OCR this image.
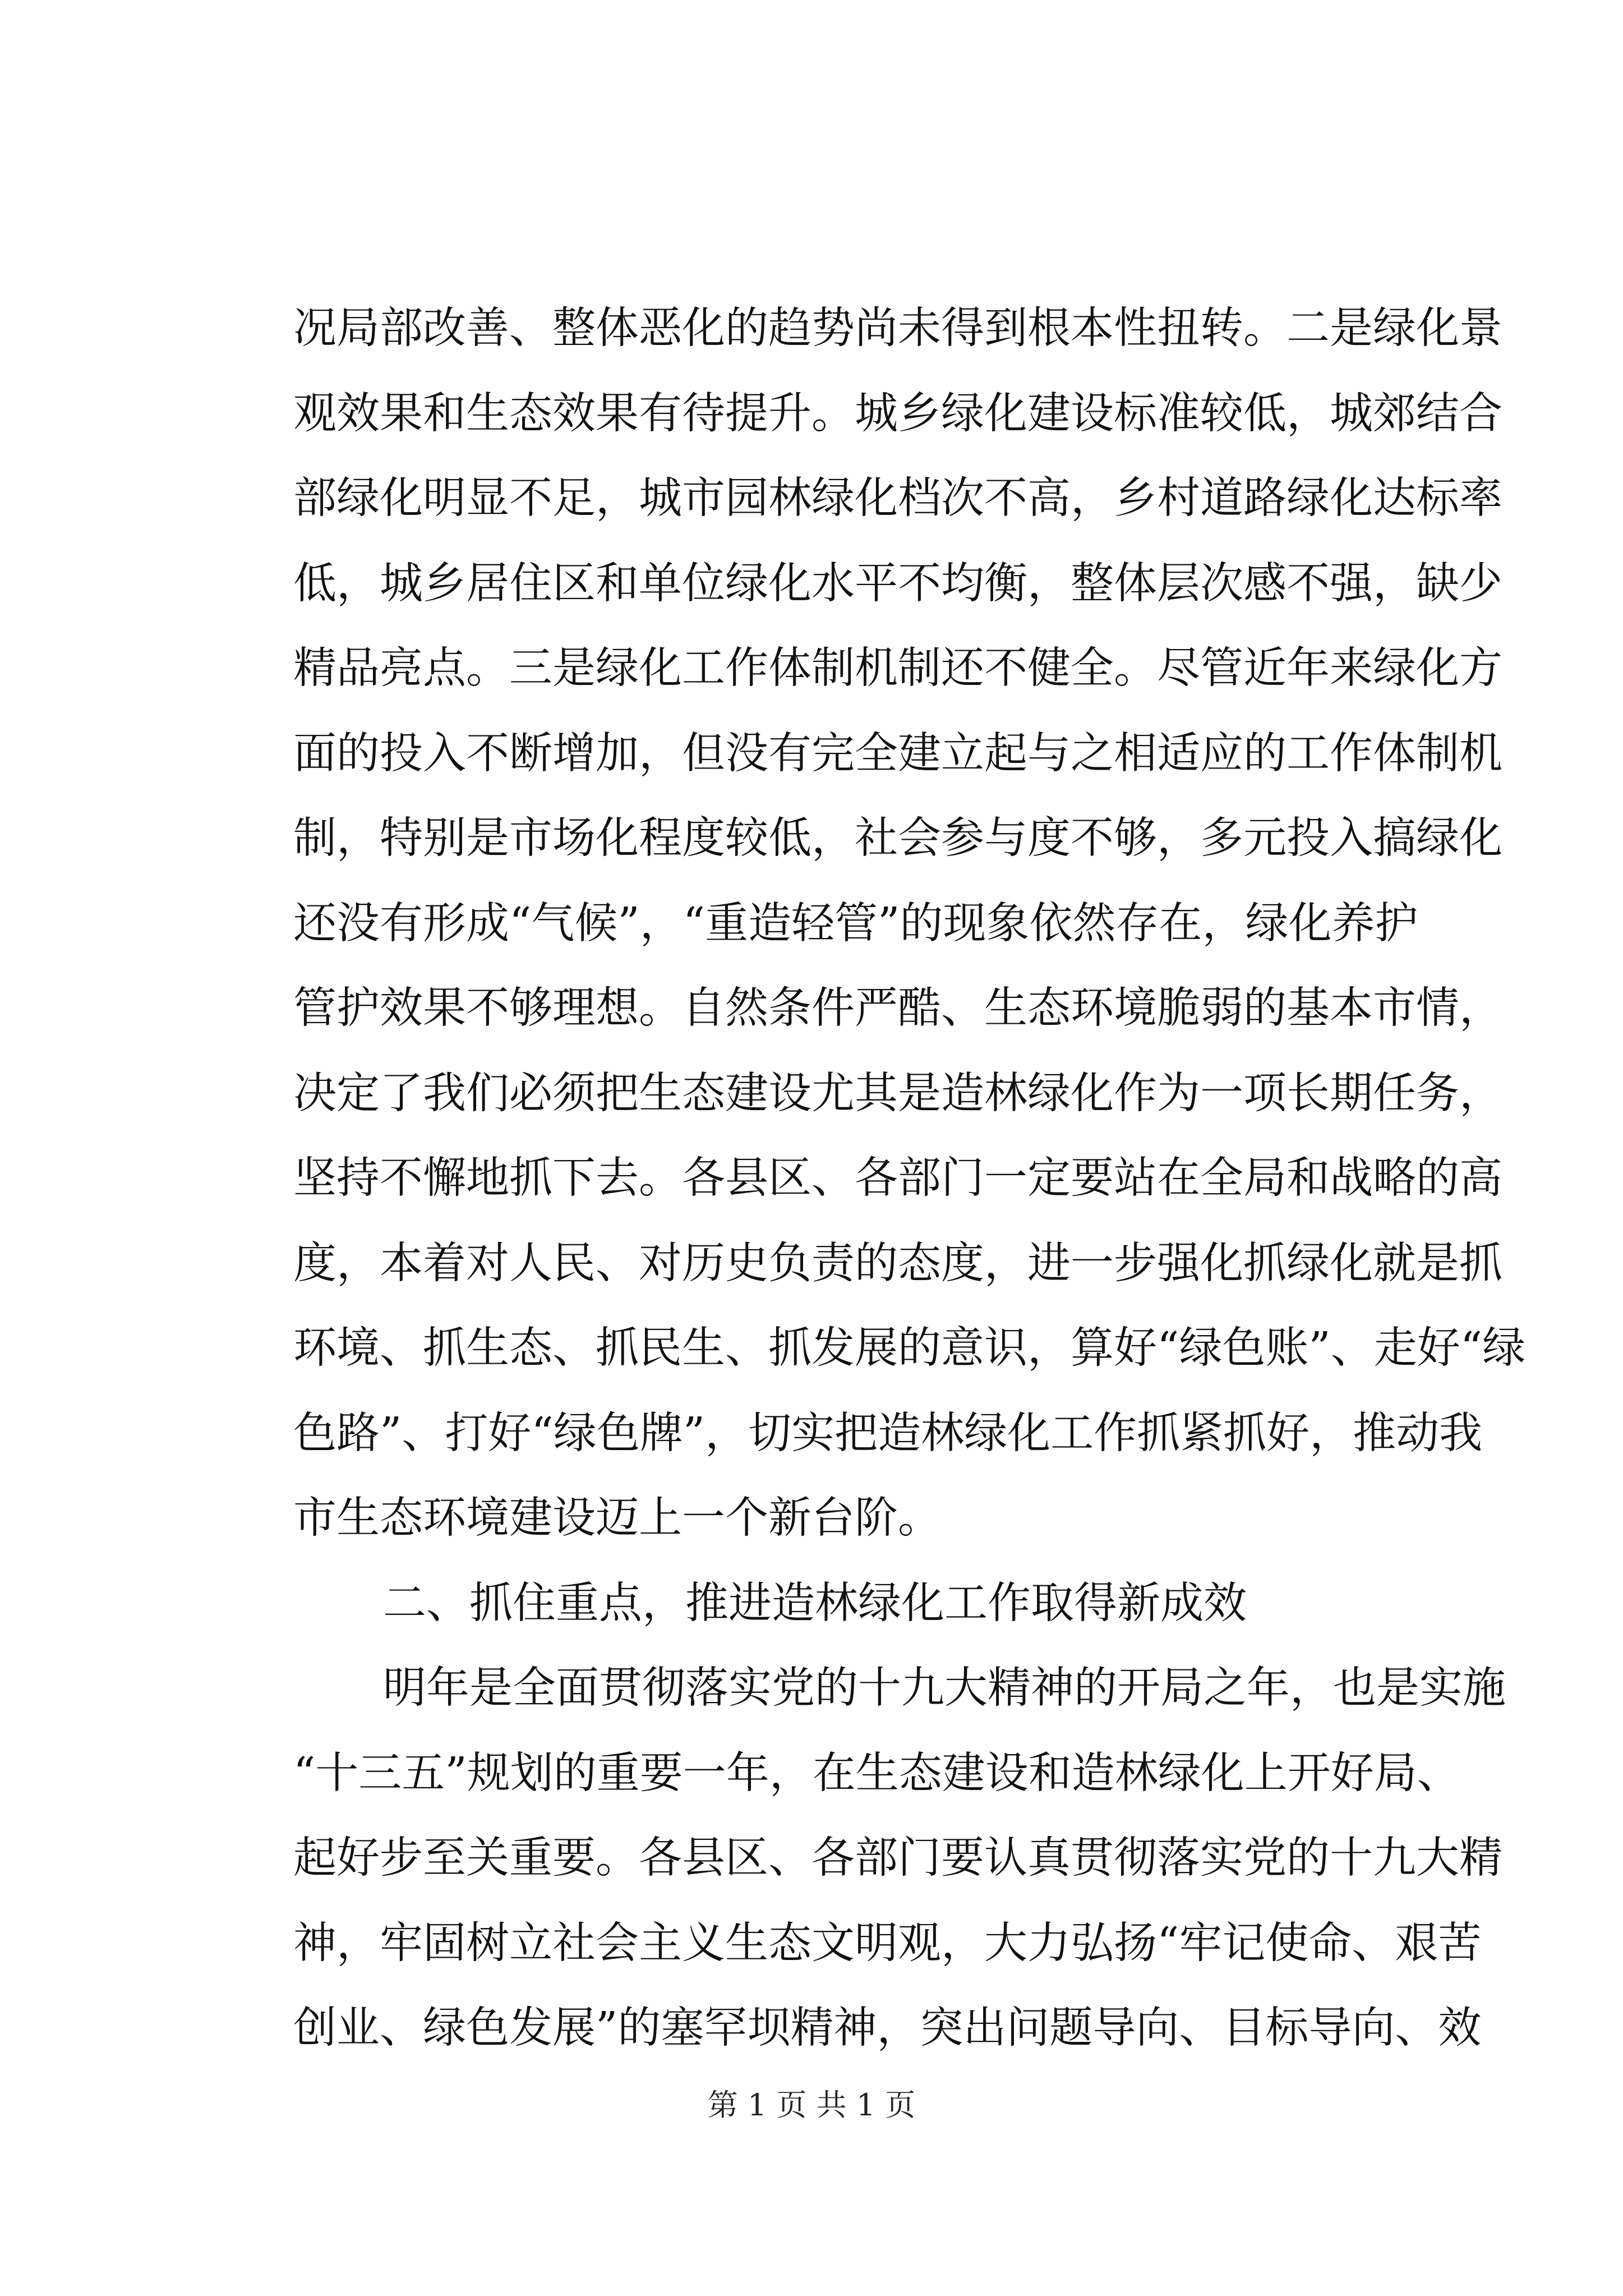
况局部改善、整体恶化的趋势尚未得到根本性扭转。二是绿化景
观效果和生态效果有待提升。城乡绿化建设标准较低，城郊结合
部绿化明显不足，城市园林绿化档次不高，乡村道路绿化达标率
低，城乡居住区和单位绿化水平不均衡，整体层次感不强，缺少
精品亮点。三是绿化工作体制机制还不健全。尽管近年来绿化方
面的投入不断增加，但没有完全建立起与之相适应的工作体制机
制，特别是市场化程度较低，社会参与度不够，多元投入搞绿化
还没有形成“气候”，“重造轻管”的现象依然存在，绿化养护
管护效果不够理想。自然条件严酷、生态环境脆弱的基本市情，
决定了我们必须把生态建设尤其是造林绿化作为一项长期任务，
坚持不懈地抓下去。各县区、各部门一定要站在全局和战略的高
度，本着对人民、对历史负责的态度，进一步强化抓绿化就是抓
环境、抓生态、抓民生、抓发展的意识，算好“绿色账”、走好“绿
色路”、打好“绿色牌”，切实把造林绿化工作抓紧抓好，推动我
市生态环境建设迈上一个新台阶。
二、抓住重点，推进造林绿化工作取得新成效
明年是全面贯彻落实党的十九大精神的开局之年，也是实施
“十三五”规划的重要一年，在生态建设和造林绿化上开好局、
起好步至关重要。各县区、各部门要认真贯彻落实党的十九大精
神，牢固树立社会主义生态文明观，大力弘扬“牢记使命、艰苦
创业、绿色发展”的塞罕坝精神，突出问题导向、目标导向、效
第 1 页 共 1 页
